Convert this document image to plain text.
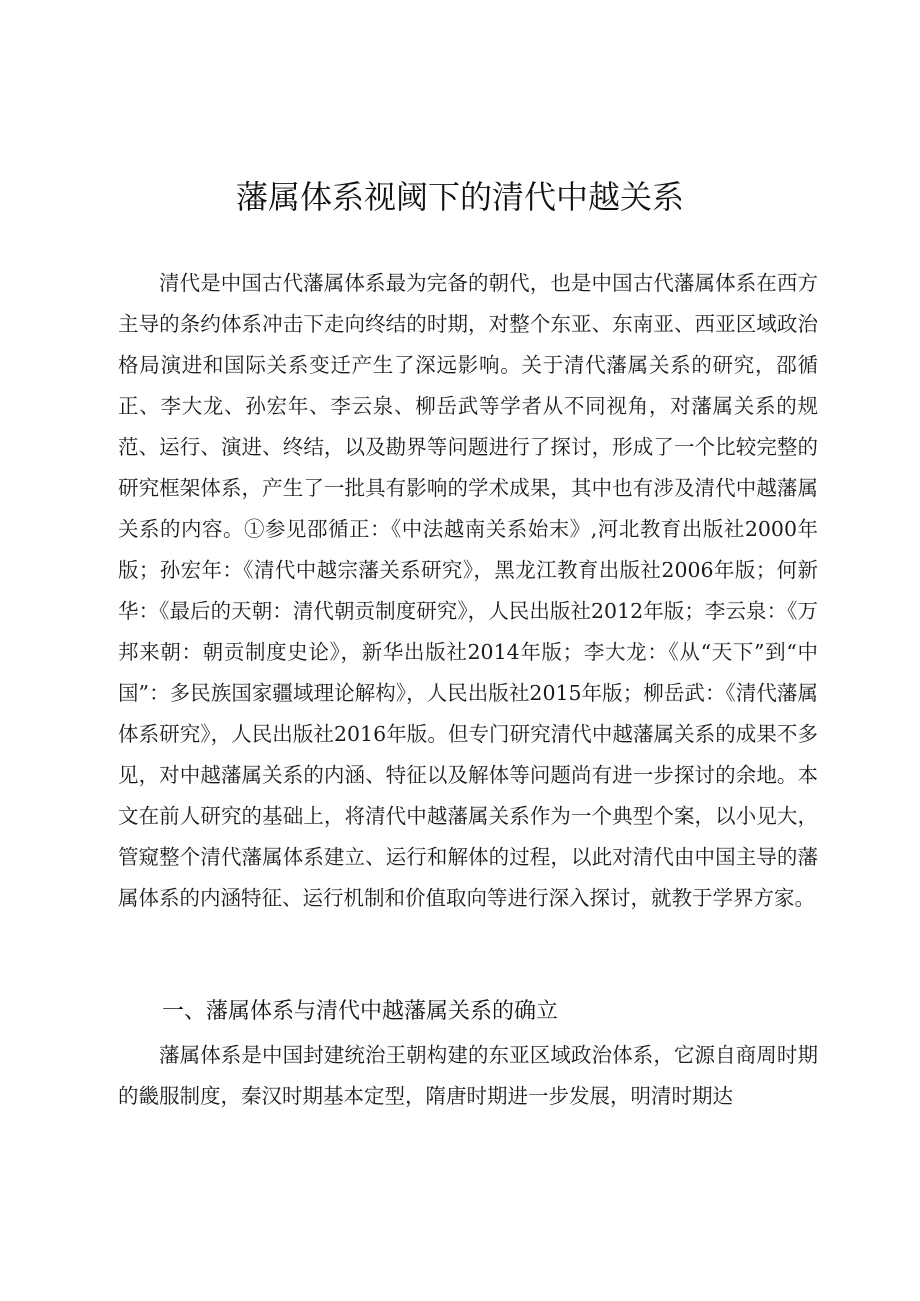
藩属体系视阈下的清代中越关系

清代是中国古代藩属体系最为完备的朝代，也是中国古代藩属体系在西方主导的条约体系冲击下走向终结的时期，对整个东亚、东南亚、西亚区域政治格局演进和国际关系变迁产生了深远影响。关于清代藩属关系的研究，邵循正、李大龙、孙宏年、李云泉、柳岳武等学者从不同视角，对藩属关系的规范、运行、演进、终结，以及勘界等问题进行了探讨，形成了一个比较完整的研究框架体系，产生了一批具有影响的学术成果，其中也有涉及清代中越藩属关系的内容。①参见邵循正：《中法越南关系始末》,河北教育出版社2000年版；孙宏年：《清代中越宗藩关系研究》，黑龙江教育出版社2006年版；何新华：《最后的天朝：清代朝贡制度研究》，人民出版社2012年版；李云泉：《万邦来朝：朝贡制度史论》，新华出版社2014年版；李大龙：《从“天下”到“中国”：多民族国家疆域理论解构》，人民出版社2015年版；柳岳武：《清代藩属体系研究》，人民出版社2016年版。但专门研究清代中越藩属关系的成果不多见，对中越藩属关系的内涵、特征以及解体等问题尚有进一步探讨的余地。本文在前人研究的基础上，将清代中越藩属关系作为一个典型个案，以小见大，管窥整个清代藩属体系建立、运行和解体的过程，以此对清代由中国主导的藩属体系的内涵特征、运行机制和价值取向等进行深入探讨，就教于学界方家。

一、藩属体系与清代中越藩属关系的确立

藩属体系是中国封建统治王朝构建的东亚区域政治体系，它源自商周时期的畿服制度，秦汉时期基本定型，隋唐时期进一步发展，明清时期达
